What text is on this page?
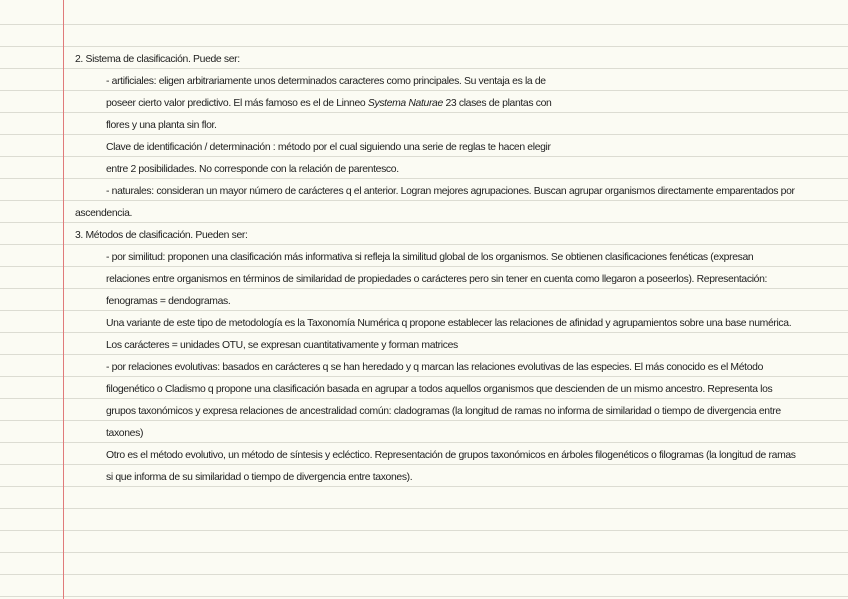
2. Sistema de clasificación. Puede ser:
- artificiales: eligen arbitrariamente unos determinados caracteres como principales. Su ventaja es la de
poseer cierto valor predictivo. El más famoso es el de Linneo Systema Naturae 23 clases de plantas con
flores y una planta sin flor.
Clave de identificación / determinación : método por el cual siguiendo una serie de reglas te hacen elegir
entre 2 posibilidades. No corresponde con la relación de parentesco.
- naturales: consideran un mayor número de carácteres q el anterior. Logran mejores agrupaciones. Buscan agrupar organismos directamente emparentados por
ascendencia.
3. Métodos de clasificación. Pueden ser:
- por similitud: proponen una clasificación más informativa si refleja la similitud global de los organismos. Se obtienen clasificaciones fenéticas (expresan
relaciones entre organismos en términos de similaridad de propiedades o carácteres pero sin tener en cuenta como llegaron a poseerlos). Representación:
fenogramas = dendogramas.
Una variante de este tipo de metodología es la Taxonomía Numérica q propone establecer las relaciones de afinidad y agrupamientos sobre una base numérica.
Los carácteres = unidades OTU, se expresan cuantitativamente y forman matrices
- por relaciones evolutivas: basados en carácteres q se han heredado y q marcan las relaciones evolutivas de las especies. El más conocido es el Método
filogenético o Cladismo q propone una clasificación basada en agrupar a todos aquellos organismos que descienden de un mismo ancestro. Representa los
grupos taxonómicos y expresa relaciones de ancestralidad común: cladogramas (la longitud de ramas no informa de similaridad o tiempo de divergencia entre
taxones)
Otro es el método evolutivo, un método de síntesis y ecléctico. Representación de grupos taxonómicos en árboles filogenéticos o filogramas (la longitud de ramas
si que informa de su similaridad o tiempo de divergencia entre taxones).
